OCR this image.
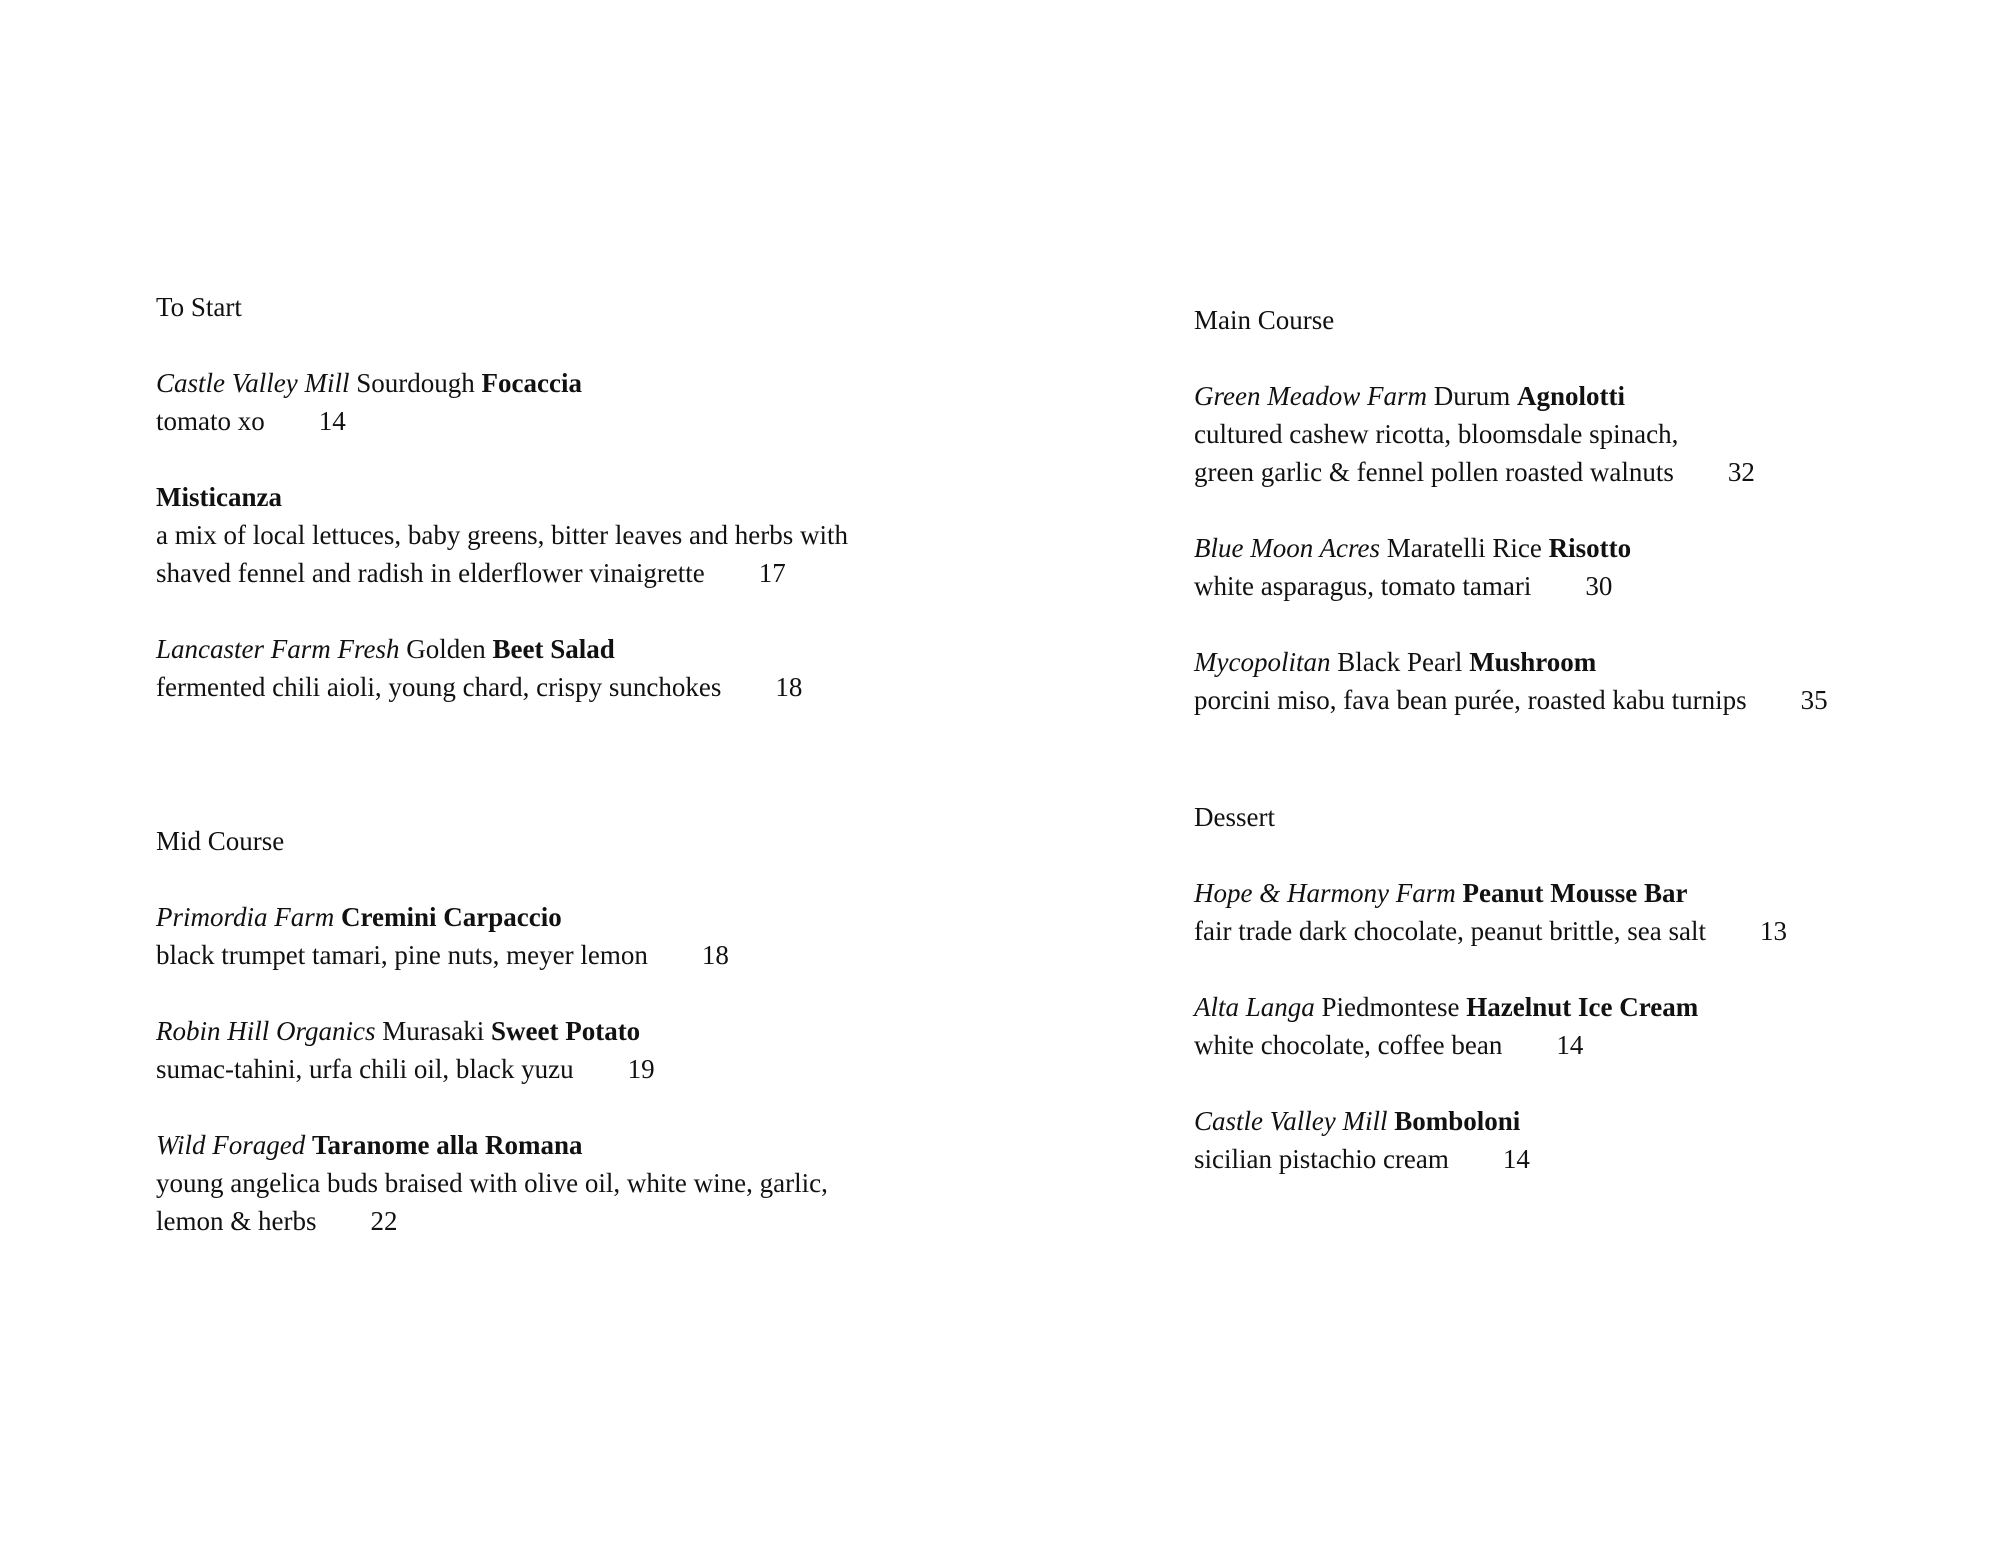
To Start
Castle Valley Mill Sourdough Focaccia
tomato xo 14
Misticanza
a mix of local lettuces, baby greens, bitter leaves and herbs with
shaved fennel and radish in elderflower vinaigrette 17
Lancaster Farm Fresh Golden Beet Salad
fermented chili aioli, young chard, crispy sunchokes 18
Mid Course
Primordia Farm Cremini Carpaccio
black trumpet tamari, pine nuts, meyer lemon 18
Robin Hill Organics Murasaki Sweet Potato
sumac-tahini, urfa chili oil, black yuzu 19
Wild Foraged Taranome alla Romana
young angelica buds braised with olive oil, white wine, garlic,
lemon & herbs 22
Main Course
Green Meadow Farm Durum Agnolotti
cultured cashew ricotta, bloomsdale spinach,
green garlic & fennel pollen roasted walnuts 32
Blue Moon Acres Maratelli Rice Risotto
white asparagus, tomato tamari 30
Mycopolitan Black Pearl Mushroom
porcini miso, fava bean purée, roasted kabu turnips 35
Dessert
Hope & Harmony Farm Peanut Mousse Bar
fair trade dark chocolate, peanut brittle, sea salt 13
Alta Langa Piedmontese Hazelnut Ice Cream
white chocolate, coffee bean 14
Castle Valley Mill Bomboloni
sicilian pistachio cream 14
